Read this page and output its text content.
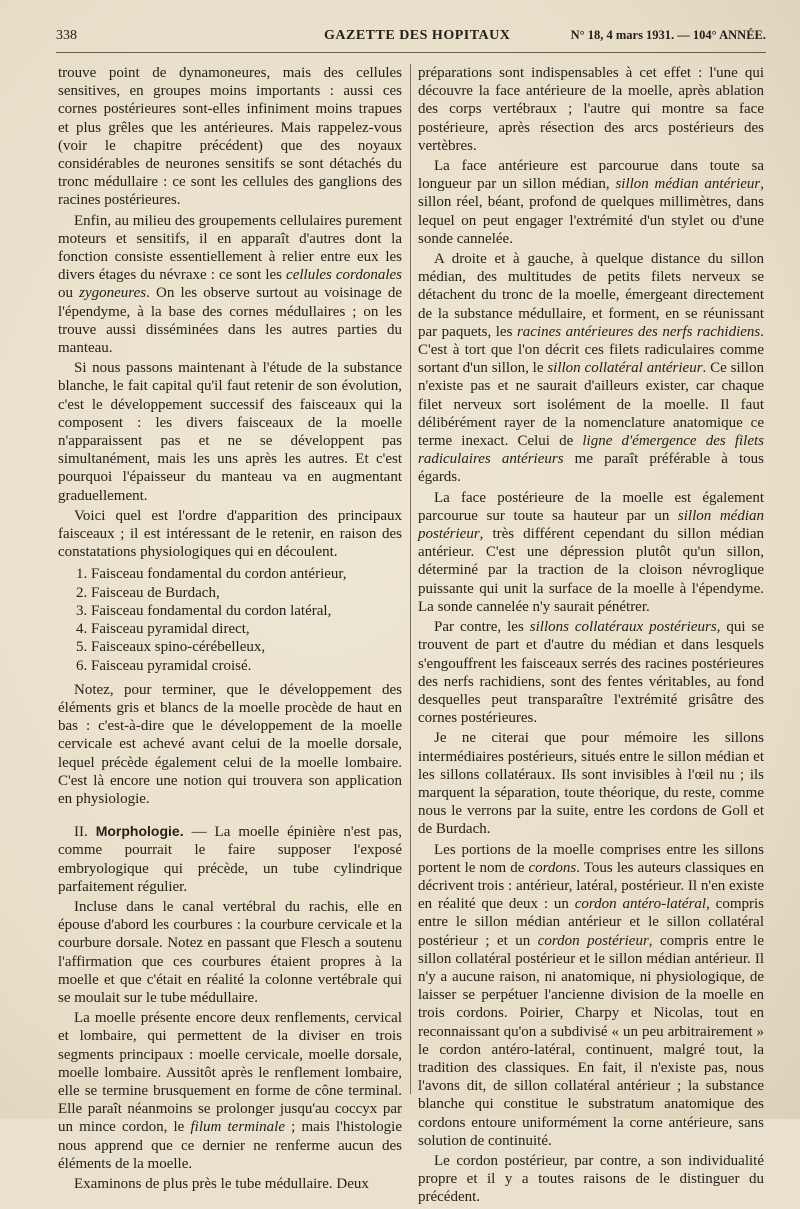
338	GAZETTE DES HOPITAUX	N° 18, 4 mars 1931. — 104° ANNÉE.

trouve point de dynamoneures, mais des cellules sensitives, en groupes moins importants : aussi ces cornes postérieures sont-elles infiniment moins trapues et plus grêles que les antérieures. Mais rappelez-vous (voir le chapitre précédent) que des noyaux considérables de neurones sensitifs se sont détachés du tronc médullaire : ce sont les cellules des ganglions des racines postérieures.

Enfin, au milieu des groupements cellulaires purement moteurs et sensitifs, il en apparaît d'autres dont la fonction consiste essentiellement à relier entre eux les divers étages du névraxe : ce sont les cellules cordonales ou zygoneures. On les observe surtout au voisinage de l'épendyme, à la base des cornes médullaires ; on les trouve aussi disséminées dans les autres parties du manteau.

Si nous passons maintenant à l'étude de la substance blanche, le fait capital qu'il faut retenir de son évolution, c'est le développement successif des faisceaux qui la composent : les divers faisceaux de la moelle n'apparaissent pas et ne se développent pas simultanément, mais les uns après les autres. Et c'est pourquoi l'épaisseur du manteau va en augmentant graduellement.

Voici quel est l'ordre d'apparition des principaux faisceaux ; il est intéressant de le retenir, en raison des constatations physiologiques qui en découlent.

1. Faisceau fondamental du cordon antérieur,
2. Faisceau de Burdach,
3. Faisceau fondamental du cordon latéral,
4. Faisceau pyramidal direct,
5. Faisceaux spino-cérébelleux,
6. Faisceau pyramidal croisé.

Notez, pour terminer, que le développement des éléments gris et blancs de la moelle procède de haut en bas : c'est-à-dire que le développement de la moelle cervicale est achevé avant celui de la moelle dorsale, lequel précède également celui de la moelle lombaire. C'est là encore une notion qui trouvera son application en physiologie.

II. Morphologie. — La moelle épinière n'est pas, comme pourrait le faire supposer l'exposé embryologique qui précède, un tube cylindrique parfaitement régulier.

Incluse dans le canal vertébral du rachis, elle en épouse d'abord les courbures : la courbure cervicale et la courbure dorsale. Notez en passant que Flesch a soutenu l'affirmation que ces courbures étaient propres à la moelle et que c'était en réalité la colonne vertébrale qui se moulait sur le tube médullaire.

La moelle présente encore deux renflements, cervical et lombaire, qui permettent de la diviser en trois segments principaux : moelle cervicale, moelle dorsale, moelle lombaire. Aussitôt après le renflement lombaire, elle se termine brusquement en forme de cône terminal. Elle paraît néanmoins se prolonger jusqu'au coccyx par un mince cordon, le filum terminale ; mais l'histologie nous apprend que ce dernier ne renferme aucun des éléments de la moelle.

Examinons de plus près le tube médullaire. Deux

préparations sont indispensables à cet effet : l'une qui découvre la face antérieure de la moelle, après ablation des corps vertébraux ; l'autre qui montre sa face postérieure, après résection des arcs postérieurs des vertèbres.

La face antérieure est parcourue dans toute sa longueur par un sillon médian, sillon médian antérieur, sillon réel, béant, profond de quelques millimètres, dans lequel on peut engager l'extrémité d'un stylet ou d'une sonde cannelée.

A droite et à gauche, à quelque distance du sillon médian, des multitudes de petits filets nerveux se détachent du tronc de la moelle, émergeant directement de la substance médullaire, et forment, en se réunissant par paquets, les racines antérieures des nerfs rachidiens. C'est à tort que l'on décrit ces filets radiculaires comme sortant d'un sillon, le sillon collatéral antérieur. Ce sillon n'existe pas et ne saurait d'ailleurs exister, car chaque filet nerveux sort isolément de la moelle. Il faut délibérément rayer de la nomenclature anatomique ce terme inexact. Celui de ligne d'émergence des filets radiculaires antérieurs me paraît préférable à tous égards.

La face postérieure de la moelle est également parcourue sur toute sa hauteur par un sillon médian postérieur, très différent cependant du sillon médian antérieur. C'est une dépression plutôt qu'un sillon, déterminé par la traction de la cloison névroglique puissante qui unit la surface de la moelle à l'épendyme. La sonde cannelée n'y saurait pénétrer.

Par contre, les sillons collatéraux postérieurs, qui se trouvent de part et d'autre du médian et dans lesquels s'engouffrent les faisceaux serrés des racines postérieures des nerfs rachidiens, sont des fentes véritables, au fond desquelles peut transparaître l'extrémité grisâtre des cornes postérieures.

Je ne citerai que pour mémoire les sillons intermédiaires postérieurs, situés entre le sillon médian et les sillons collatéraux. Ils sont invisibles à l'œil nu ; ils marquent la séparation, toute théorique, du reste, comme nous le verrons par la suite, entre les cordons de Goll et de Burdach.

Les portions de la moelle comprises entre les sillons portent le nom de cordons. Tous les auteurs classiques en décrivent trois : antérieur, latéral, postérieur. Il n'en existe en réalité que deux : un cordon antéro-latéral, compris entre le sillon médian antérieur et le sillon collatéral postérieur ; et un cordon postérieur, compris entre le sillon collatéral postérieur et le sillon médian antérieur. Il n'y a aucune raison, ni anatomique, ni physiologique, de laisser se perpétuer l'ancienne division de la moelle en trois cordons. Poirier, Charpy et Nicolas, tout en reconnaissant qu'on a subdivisé « un peu arbitrairement » le cordon antéro-latéral, continuent, malgré tout, la tradition des classiques. En fait, il n'existe pas, nous l'avons dit, de sillon collatéral antérieur ; la substance blanche qui constitue le substratum anatomique des cordons entoure uniformément la corne antérieure, sans solution de continuité.

Le cordon postérieur, par contre, a son individualité propre et il y a toutes raisons de le distinguer du précédent.
